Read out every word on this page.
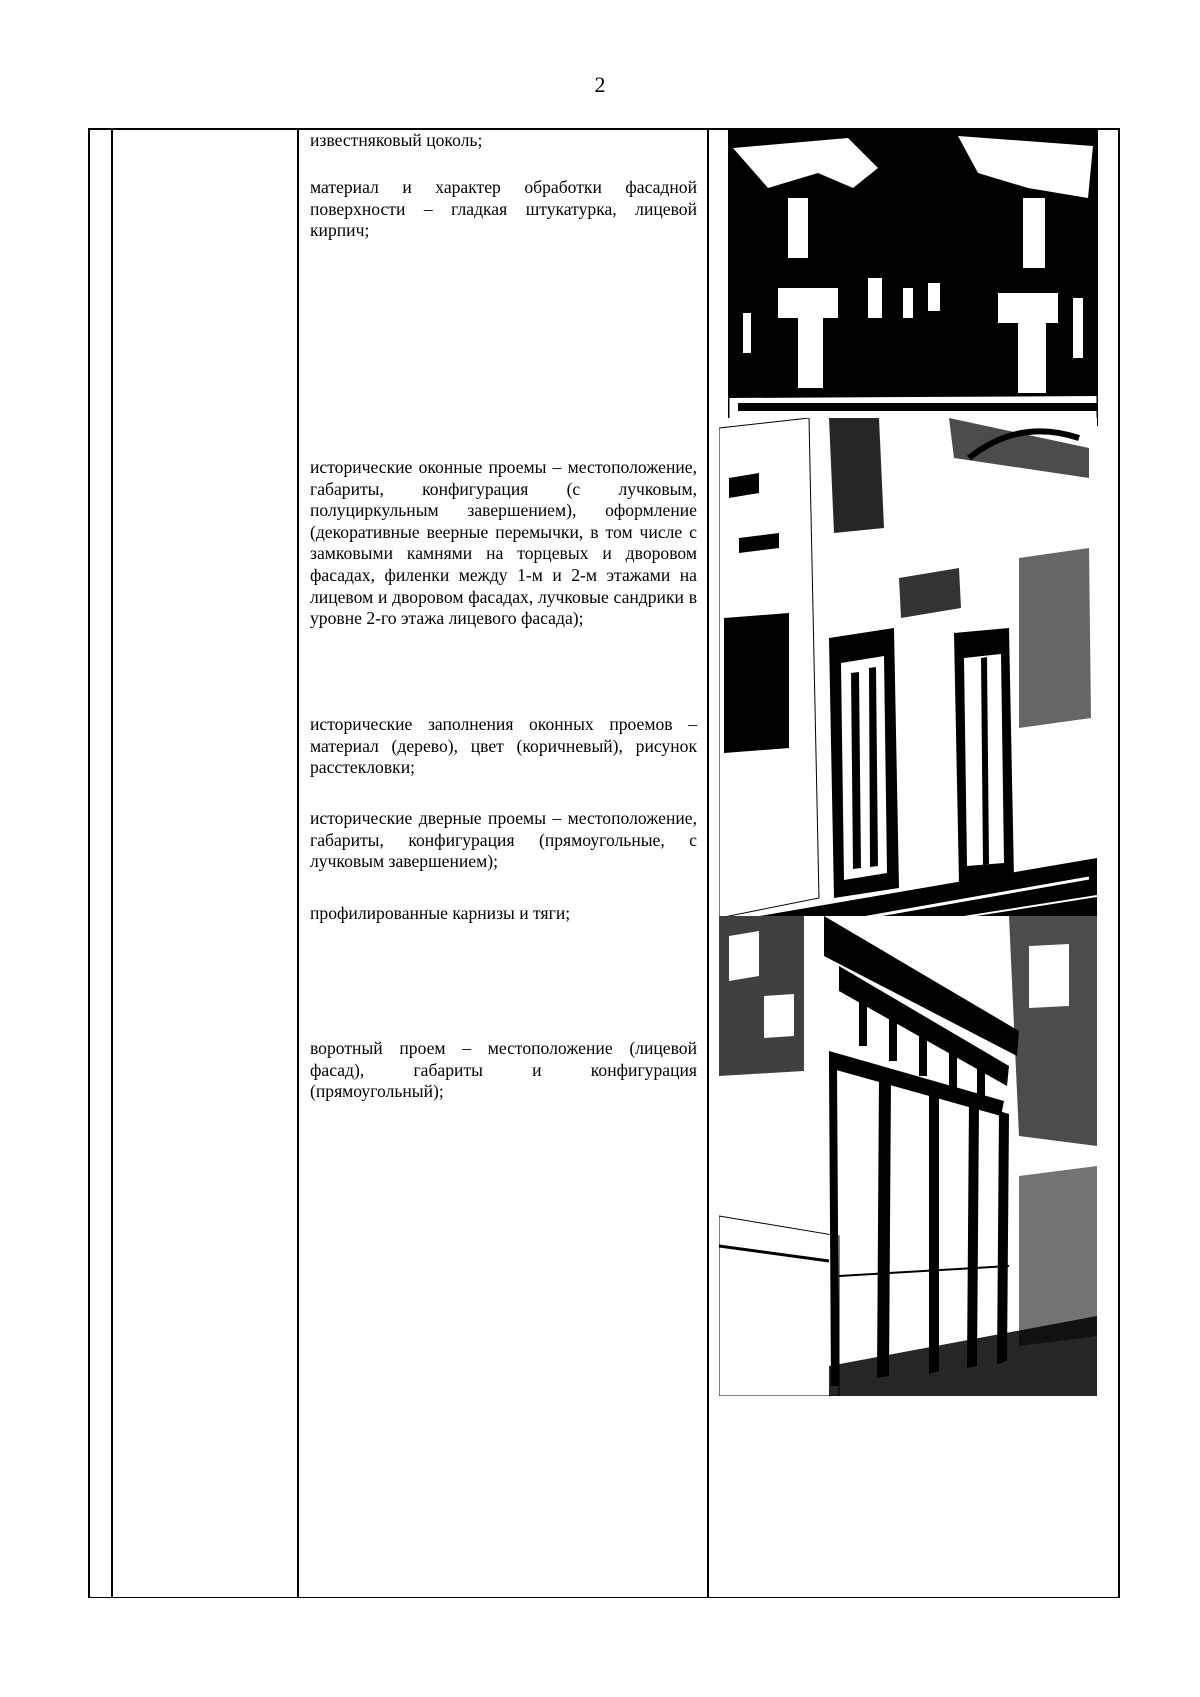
2

известняковый цоколь;

материал и характер обработки фасадной поверхности – гладкая штукатурка, лицевой кирпич;

исторические оконные проемы – местоположение, габариты, конфигурация (с лучковым, полуциркульным завершением), оформление (декоративные веерные перемычки, в том числе с замковыми камнями на торцевых и дворовом фасадах, филенки между 1-м и 2-м этажами на лицевом и дворовом фасадах, лучковые сандрики в уровне 2-го этажа лицевого фасада);

исторические заполнения оконных проемов – материал (дерево), цвет (коричневый), рисунок расстекловки;

исторические дверные проемы – местоположение, габариты, конфигурация (прямоугольные, с лучковым завершением);

профилированные карнизы и тяги;

воротный проем – местоположение (лицевой фасад), габариты и конфигурация (прямоугольный);
